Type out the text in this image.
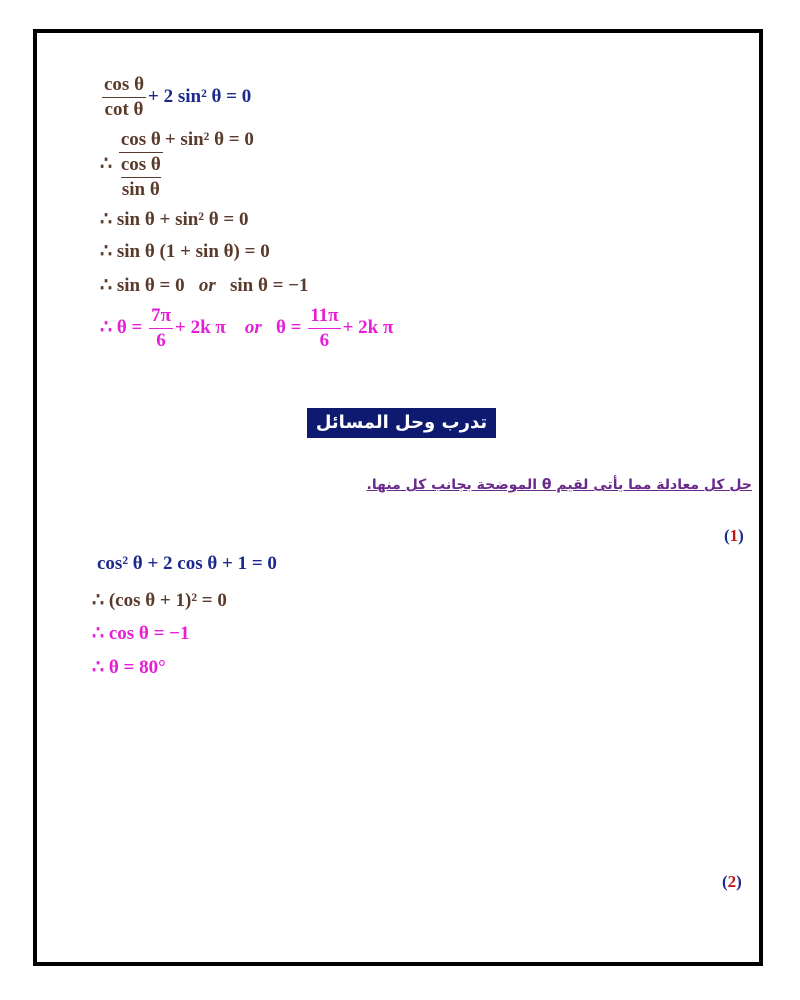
$\frac{\text{cos θ}}{\text{cot θ}} + 2$ sin² θ = 0
∴ cos θ
cos θ
sin θ + sin² θ = 0
∴ sin θ + sin² θ = 0
∴ sin θ (1 + sin θ) = 0
∴ sin θ = 0 or sin θ = −1
∴ $\theta = \frac{7\pi}{6} + 2k$ π or $\theta = \frac{11\pi}{6} + 2k$ π
تدرب وحل المسائل
حل كل معادلة مما يأتى لقيم θ الموضحة بجانب كل منها.
(1)
cos² θ + 2 cos θ + 1 = 0
∴ (cos θ + 1)² = 0
∴ cos θ = −1
∴ θ = 80°
(2)
